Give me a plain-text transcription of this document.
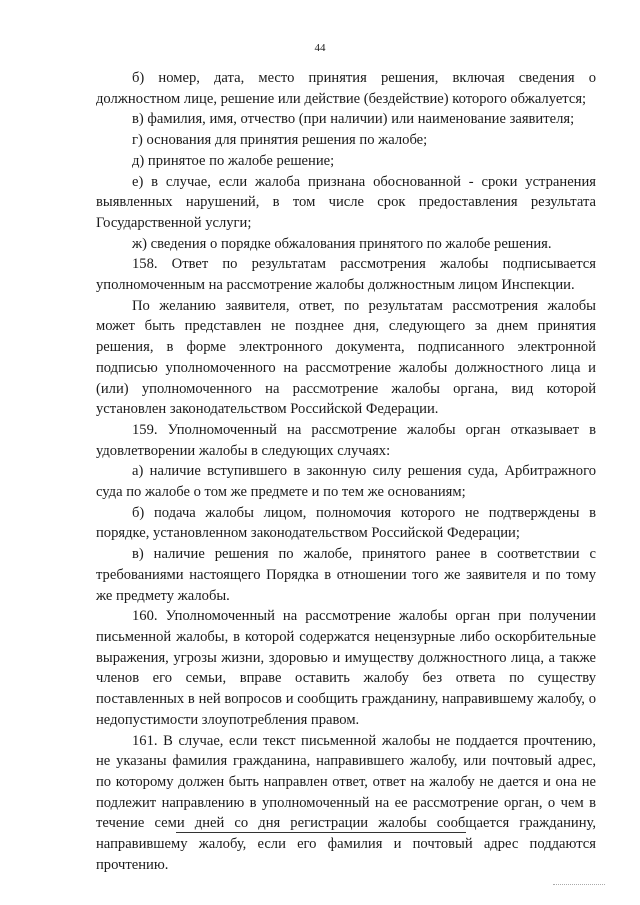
44

б) номер, дата, место принятия решения, включая сведения о должностном лице, решение или действие (бездействие) которого обжалуется;

в) фамилия, имя, отчество (при наличии) или наименование заявителя;

г) основания для принятия решения по жалобе;

д) принятое по жалобе решение;

е) в случае, если жалоба признана обоснованной - сроки устранения выявленных нарушений, в том числе срок предоставления результата Государственной услуги;

ж) сведения о порядке обжалования принятого по жалобе решения.

158. Ответ по результатам рассмотрения жалобы подписывается уполномоченным на рассмотрение жалобы должностным лицом Инспекции.

По желанию заявителя, ответ, по результатам рассмотрения жалобы может быть представлен не позднее дня, следующего за днем принятия решения, в форме электронного документа, подписанного электронной подписью уполномоченного на рассмотрение жалобы должностного лица и (или) уполномоченного на рассмотрение жалобы органа, вид которой установлен законодательством Российской Федерации.

159. Уполномоченный на рассмотрение жалобы орган отказывает в удовлетворении жалобы в следующих случаях:

а) наличие вступившего в законную силу решения суда, Арбитражного суда по жалобе о том же предмете и по тем же основаниям;

б) подача жалобы лицом, полномочия которого не подтверждены в порядке, установленном законодательством Российской Федерации;

в) наличие решения по жалобе, принятого ранее в соответствии с требованиями настоящего Порядка в отношении того же заявителя и по тому же предмету жалобы.

160. Уполномоченный на рассмотрение жалобы орган при получении письменной жалобы, в которой содержатся нецензурные либо оскорбительные выражения, угрозы жизни, здоровью и имуществу должностного лица, а также членов его семьи, вправе оставить жалобу без ответа по существу поставленных в ней вопросов и сообщить гражданину, направившему жалобу, о недопустимости злоупотребления правом.

161. В случае, если текст письменной жалобы не поддается прочтению, не указаны фамилия гражданина, направившего жалобу, или почтовый адрес, по которому должен быть направлен ответ, ответ на жалобу не дается и она не подлежит направлению в уполномоченный на ее рассмотрение орган, о чем в течение семи дней со дня регистрации жалобы сообщается гражданину, направившему жалобу, если его фамилия и почтовый адрес поддаются прочтению.
